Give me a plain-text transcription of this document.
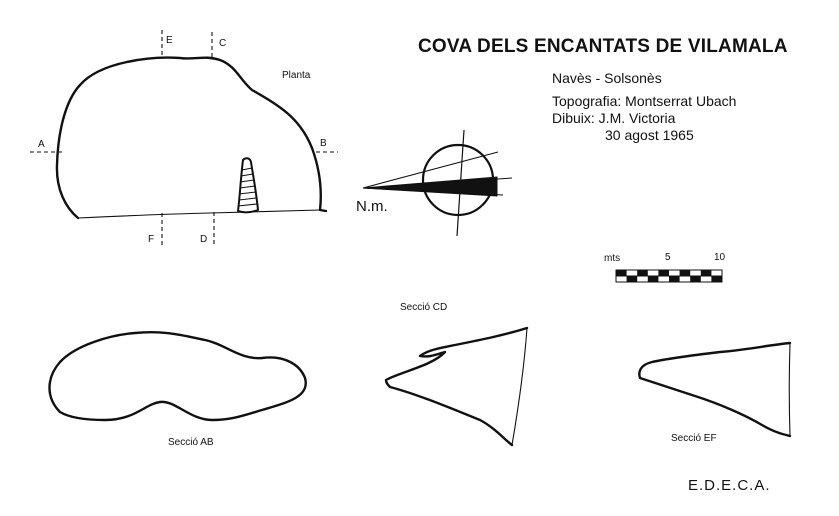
COVA DELS ENCANTATS DE VILAMALA
Navès - Solsonès
Topografia: Montserrat Ubach
Dibuix: J.M. Victoria
30 agost 1965
Planta
A	B
C
D
E
F
N.m.
mts	5	10
Secció AB
Secció CD
Secció EF
E.D.E.C.A.
